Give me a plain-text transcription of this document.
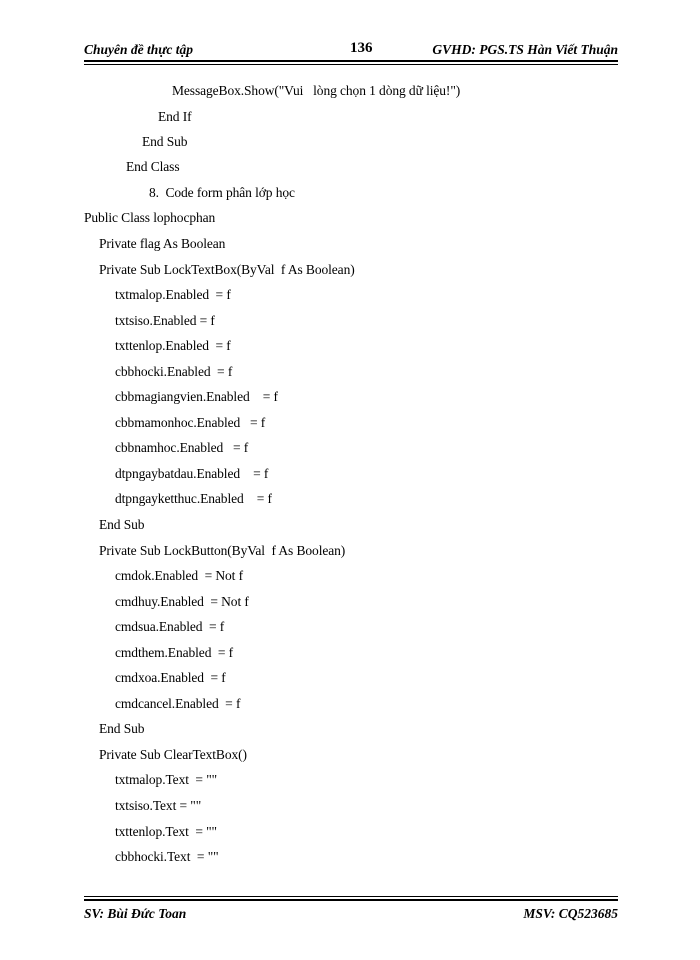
Chuyên đề thực tập	136	GVHD: PGS.TS Hàn Viết Thuận
MessageBox.Show("Vui   lòng chọn 1 dòng dữ liệu!")
End If
End Sub
End Class
8.  Code form phân lớp học
Public Class lophocphan
Private flag As Boolean
Private Sub LockTextBox(ByVal  f As Boolean)
txtmalop.Enabled  = f
txtsiso.Enabled = f
txttenlop.Enabled  = f
cbbhocki.Enabled  = f
cbbmagiangvien.Enabled    = f
cbbmamonhoc.Enabled   = f
cbbnamhoc.Enabled   = f
dtpngaybatdau.Enabled    = f
dtpngayketthuc.Enabled    = f
End Sub
Private Sub LockButton(ByVal  f As Boolean)
cmdok.Enabled  = Not f
cmdhuy.Enabled  = Not f
cmdsua.Enabled  = f
cmdthem.Enabled  = f
cmdxoa.Enabled  = f
cmdcancel.Enabled  = f
End Sub
Private Sub ClearTextBox()
txtmalop.Text  = ""
txtsiso.Text = ""
txttenlop.Text  = ""
cbbhocki.Text  = ""
SV: Bùi Đức Toan	MSV: CQ523685
